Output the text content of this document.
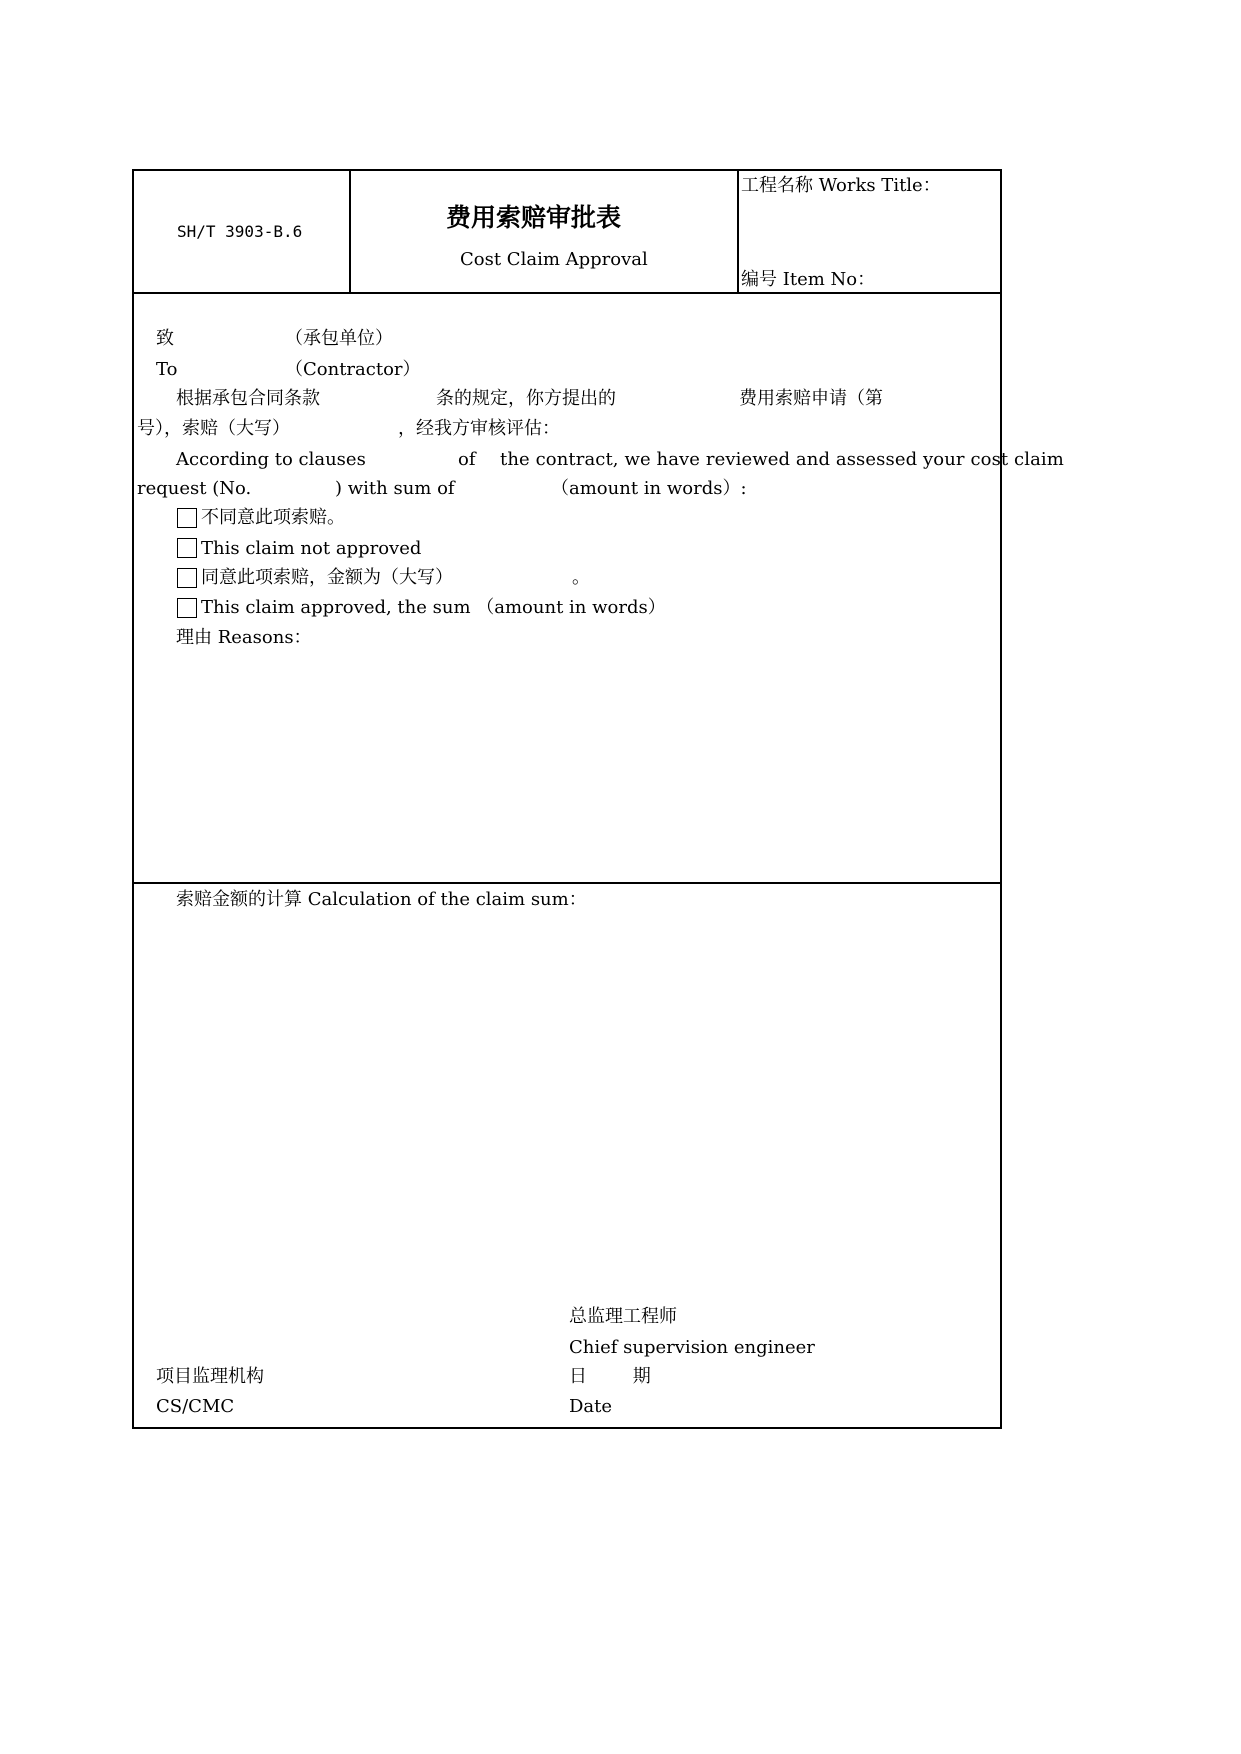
SH/T 3903-B.6	费用索赔审批表
Cost Claim Approval
工程名称 Works Title：
编号 Item No：
致	（承包单位）
To	（Contractor）
根据承包合同条款	条的规定，你方提出的	费用索赔申请（第
号），索赔（大写）	，经我方审核评估：
According to clauses	of the contract, we have reviewed and assessed your cost claim
request (No.	) with sum of	（amount in words）:
不同意此项索赔。
This claim not approved
同意此项索赔，金额为（大写）	。
This claim approved, the sum （amount in words）
理由 Reasons：
索赔金额的计算 Calculation of the claim sum：
总监理工程师
Chief supervision engineer
项目监理机构	日        期
CS/CMC	Date
